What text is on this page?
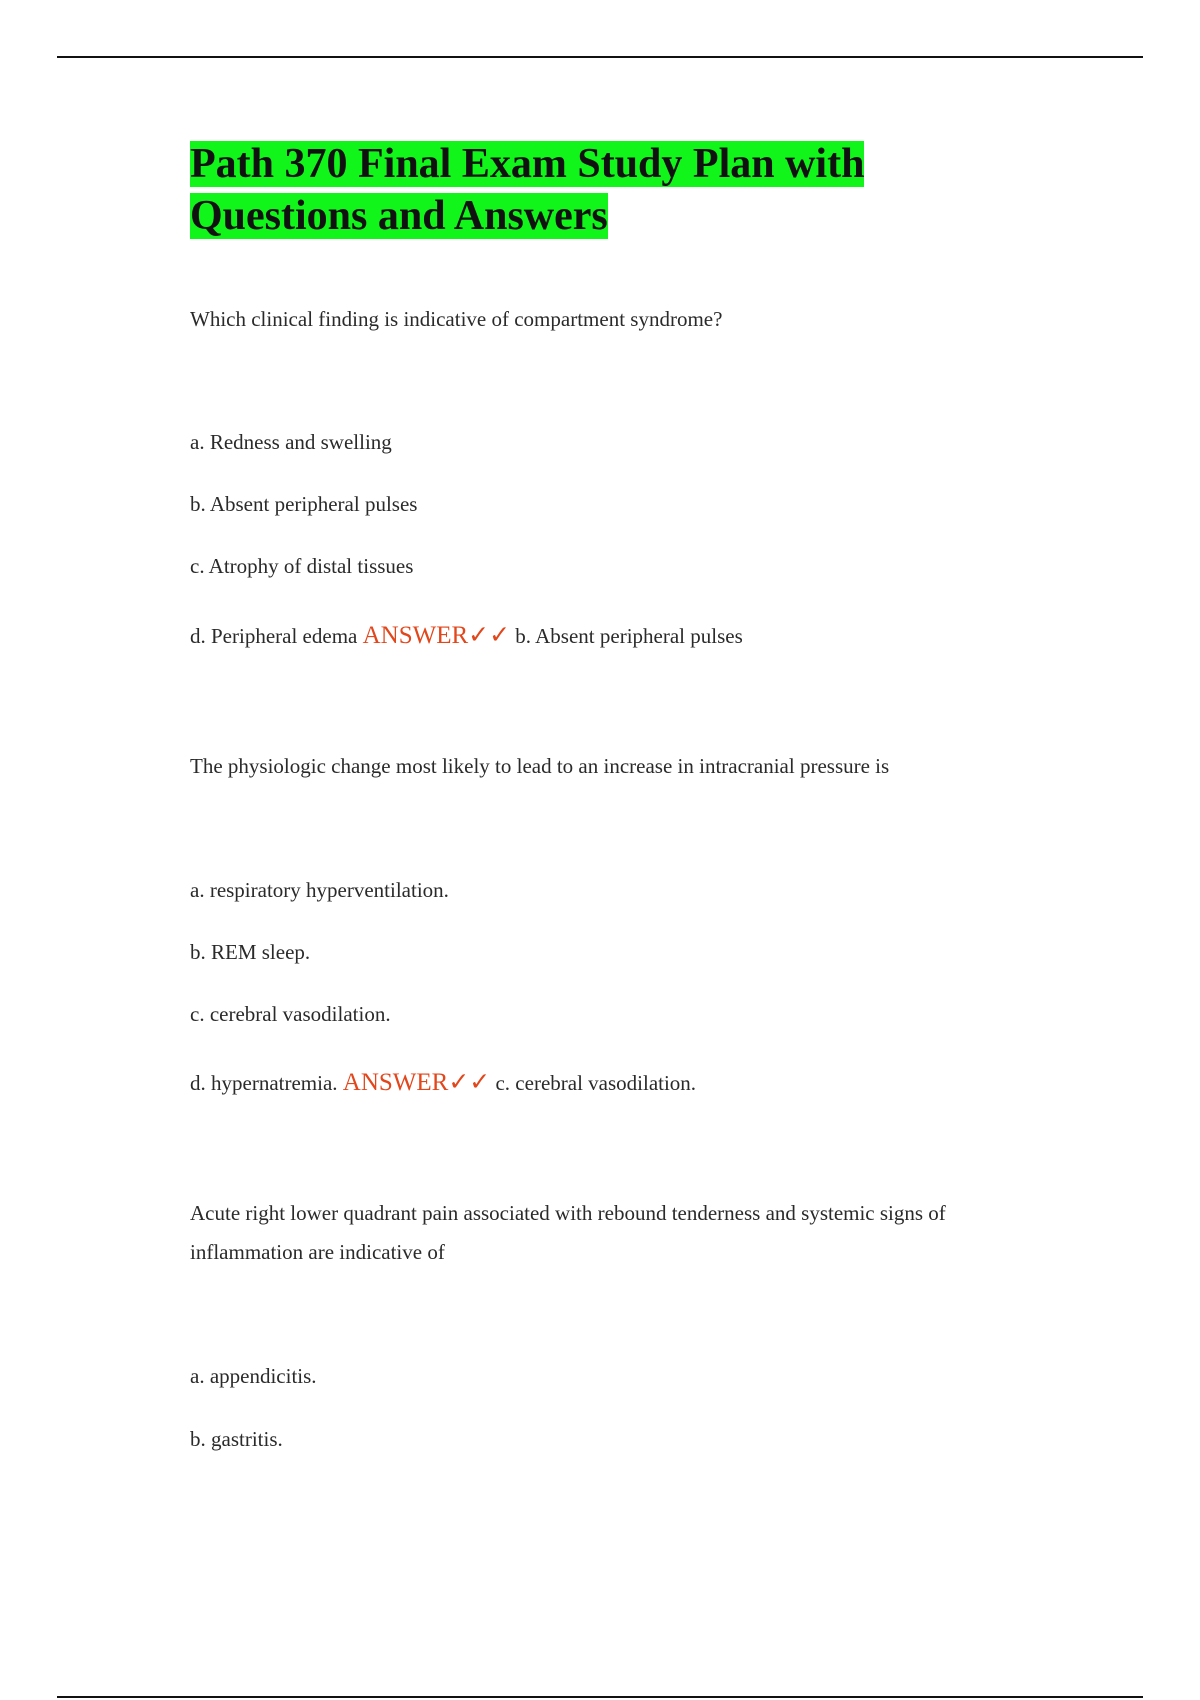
Path 370 Final Exam Study Plan with
Questions and Answers

Which clinical finding is indicative of compartment syndrome?

a. Redness and swelling

b. Absent peripheral pulses

c. Atrophy of distal tissues

d. Peripheral edema ANSWER✓✓ b. Absent peripheral pulses

The physiologic change most likely to lead to an increase in intracranial pressure is

a. respiratory hyperventilation.

b. REM sleep.

c. cerebral vasodilation.

d. hypernatremia. ANSWER✓✓ c. cerebral vasodilation.

Acute right lower quadrant pain associated with rebound tenderness and systemic signs of inflammation are indicative of

a. appendicitis.

b. gastritis.
